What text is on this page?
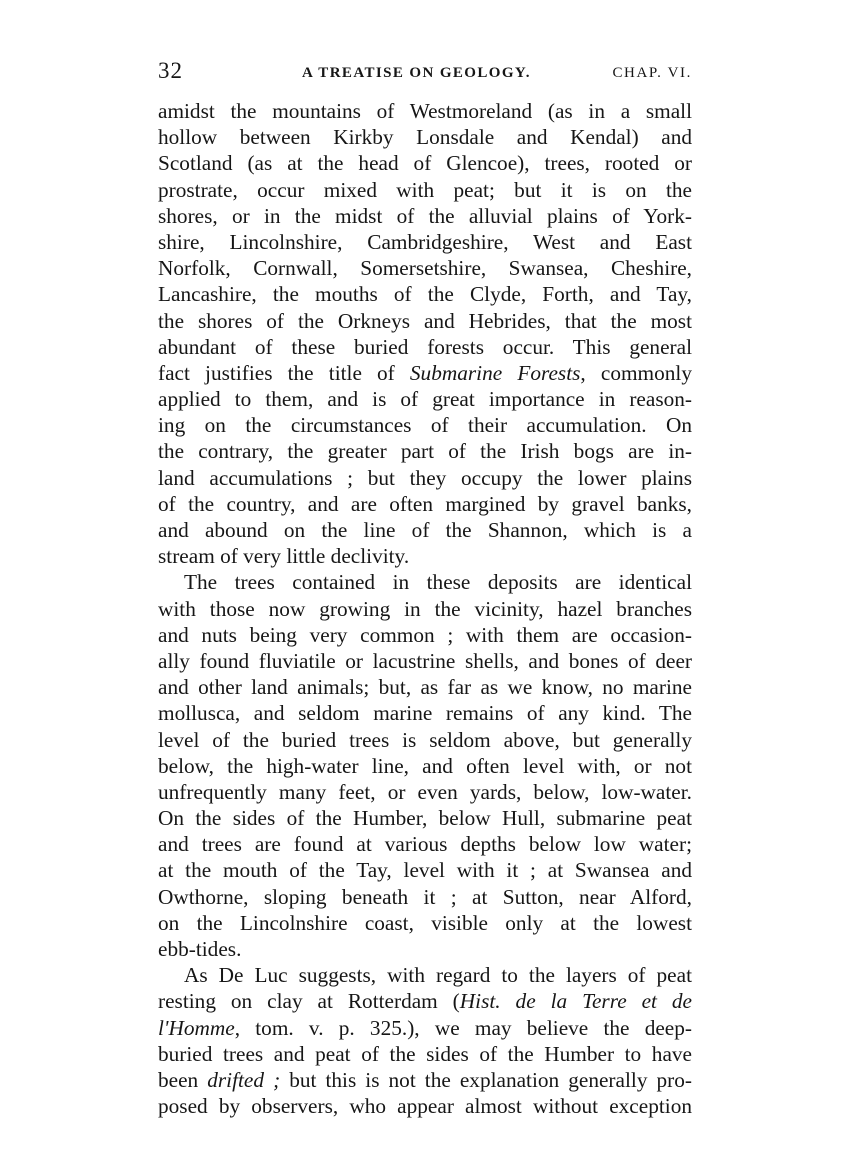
32	A TREATISE ON GEOLOGY.	CHAP. VI.
amidst the mountains of Westmoreland (as in a small
hollow between Kirkby Lonsdale and Kendal) and
Scotland (as at the head of Glencoe), trees, rooted or
prostrate, occur mixed with peat; but it is on the
shores, or in the midst of the alluvial plains of York-
shire, Lincolnshire, Cambridgeshire, West and East
Norfolk, Cornwall, Somersetshire, Swansea, Cheshire,
Lancashire, the mouths of the Clyde, Forth, and Tay,
the shores of the Orkneys and Hebrides, that the most
abundant of these buried forests occur. This general
fact justifies the title of Submarine Forests, commonly
applied to them, and is of great importance in reason-
ing on the circumstances of their accumulation. On
the contrary, the greater part of the Irish bogs are in-
land accumulations ; but they occupy the lower plains
of the country, and are often margined by gravel banks,
and abound on the line of the Shannon, which is a
stream of very little declivity.
The trees contained in these deposits are identical
with those now growing in the vicinity, hazel branches
and nuts being very common ; with them are occasion-
ally found fluviatile or lacustrine shells, and bones of deer
and other land animals; but, as far as we know, no marine
mollusca, and seldom marine remains of any kind. The
level of the buried trees is seldom above, but generally
below, the high-water line, and often level with, or not
unfrequently many feet, or even yards, below, low-water.
On the sides of the Humber, below Hull, submarine peat
and trees are found at various depths below low water;
at the mouth of the Tay, level with it ; at Swansea and
Owthorne, sloping beneath it ; at Sutton, near Alford,
on the Lincolnshire coast, visible only at the lowest
ebb-tides.
As De Luc suggests, with regard to the layers of peat
resting on clay at Rotterdam (Hist. de la Terre et de
l'Homme, tom. v. p. 325.), we may believe the deep-
buried trees and peat of the sides of the Humber to have
been drifted ; but this is not the explanation generally pro-
posed by observers, who appear almost without exception
